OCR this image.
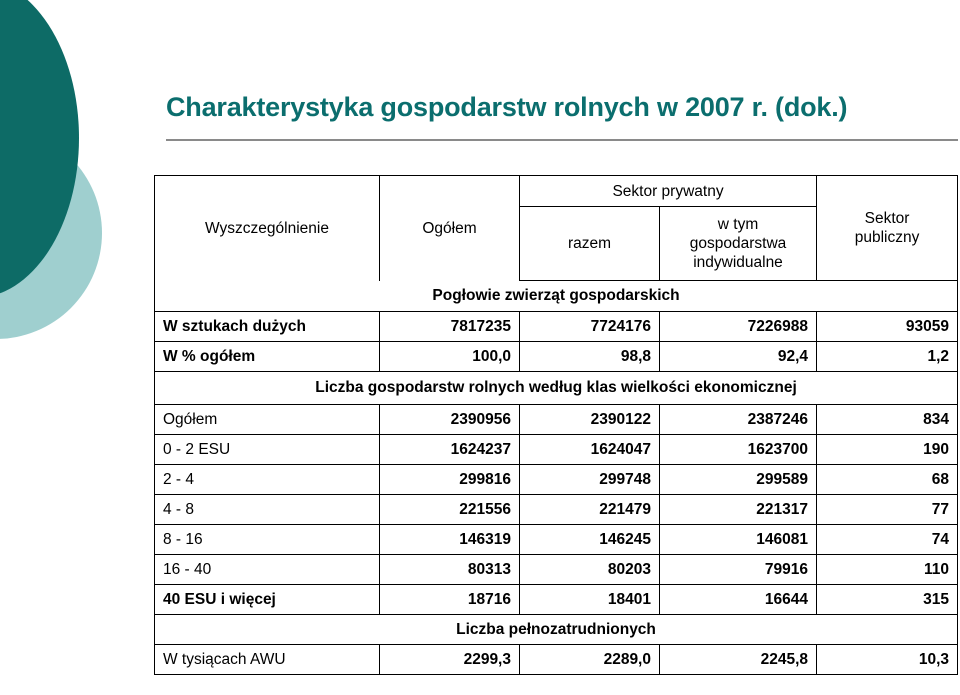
Charakterystyka gospodarstw rolnych w 2007 r. (dok.)
Wyszczególnienie	Ogółem	Sektor prywatny		Sektor
publiczny
		razem	w tym
gospodarstwa
indywidualne	
Pogłowie zwierząt gospodarskich				
W sztukach dużych	7817235	7724176	7226988	93059
W % ogółem	100,0	98,8	92,4	1,2
Liczba gospodarstw rolnych według klas wielkości ekonomicznej				
Ogółem	2390956	2390122	2387246	834
0 - 2 ESU	1624237	1624047	1623700	190
2 - 4	299816	299748	299589	68
4 - 8	221556	221479	221317	77
8 - 16	146319	146245	146081	74
16 - 40	80313	80203	79916	110
40 ESU i więcej	18716	18401	16644	315
Liczba pełnozatrudnionych				
W tysiącach AWU	2299,3	2289,0	2245,8	10,3
